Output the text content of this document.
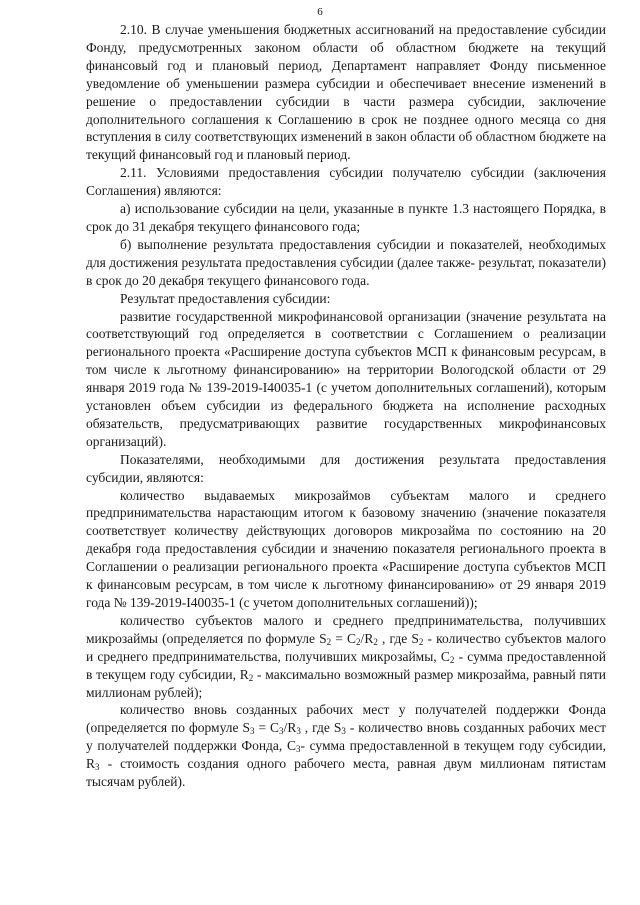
6

2.10. В случае уменьшения бюджетных ассигнований на предоставление субсидии Фонду, предусмотренных законом области об областном бюджете на текущий финансовый год и плановый период, Департамент направляет Фонду письменное уведомление об уменьшении размера субсидии и обеспечивает внесение изменений в решение о предоставлении субсидии в части размера субсидии, заключение дополнительного соглашения к Соглашению в срок не позднее одного месяца со дня вступления в силу соответствующих изменений в закон области об областном бюджете на текущий финансовый год и плановый период.

2.11. Условиями предоставления субсидии получателю субсидии (заключения Соглашения) являются:

а) использование субсидии на цели, указанные в пункте 1.3 настоящего Порядка, в срок до 31 декабря текущего финансового года;

б) выполнение результата предоставления субсидии и показателей, необходимых для достижения результата предоставления субсидии (далее также- результат, показатели) в срок до 20 декабря текущего финансового года.

Результат предоставления субсидии:

развитие государственной микрофинансовой организации (значение результата на соответствующий год определяется в соответствии с Соглашением о реализации регионального проекта «Расширение доступа субъектов МСП к финансовым ресурсам, в том числе к льготному финансированию» на территории Вологодской области от 29 января 2019 года № 139-2019-I40035-1 (с учетом дополнительных соглашений), которым установлен объем субсидии из федерального бюджета на исполнение расходных обязательств, предусматривающих развитие государственных микрофинансовых организаций).

Показателями, необходимыми для достижения результата предоставления субсидии, являются:

количество выдаваемых микрозаймов субъектам малого и среднего предпринимательства нарастающим итогом к базовому значению (значение показателя соответствует количеству действующих договоров микрозайма по состоянию на 20 декабря года предоставления субсидии и значению показателя регионального проекта в Соглашении о реализации регионального проекта «Расширение доступа субъектов МСП к финансовым ресурсам, в том числе к льготному финансированию» от 29 января 2019 года № 139-2019-I40035-1 (с учетом дополнительных соглашений));

количество субъектов малого и среднего предпринимательства, получивших микрозаймы (определяется по формуле $S_2 = C_2/R_2$ , где $S_2$ - количество субъектов малого и среднего предпринимательства, получивших микрозаймы, $C_2$ - сумма предоставленной в текущем году субсидии, $R_2$ - максимально возможный размер микрозайма, равный пяти миллионам рублей);

количество вновь созданных рабочих мест у получателей поддержки Фонда (определяется по формуле $S_3 = C_3/R_3$ , где $S_3$ - количество вновь созданных рабочих мест у получателей поддержки Фонда, $C_3-$ сумма предоставленной в текущем году субсидии, $R_3$ - стоимость создания одного рабочего места, равная двум миллионам пятистам тысячам рублей).
